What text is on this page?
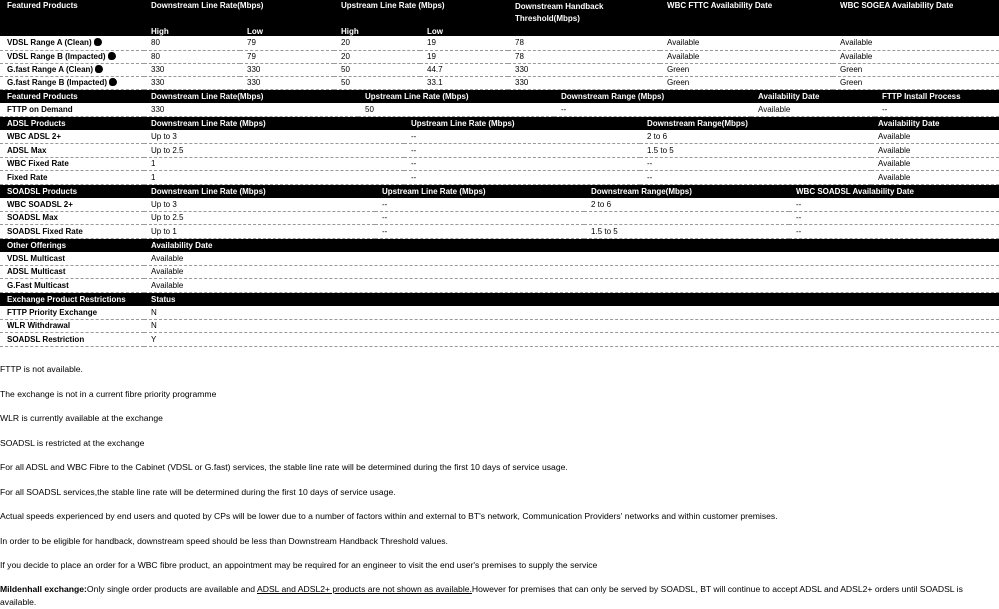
Featured Products	Downstream Line Rate(Mbps)		Upstream Line Rate (Mbps)		Downstream Handback
Threshold(Mbps)	WBC FTTC Availability Date	WBC SOGEA Availability Date
	High	Low	High	Low			
VDSL Range A (Clean)	80	79	20	19	78	Available	Available
VDSL Range B (Impacted)	80	79	20	19	78	Available	Available
G.fast Range A (Clean)	330	330	50	44.7	330	Green	Green
G.fast Range B (Impacted)	330	330	50	33.1	330	Green	Green
Featured Products	Downstream Line Rate(Mbps)	Upstream Line Rate (Mbps)	Downstream Range (Mbps)	Availability Date	FTTP Install Process
FTTP on Demand	330	50	--	Available	--
ADSL Products	Downstream Line Rate (Mbps)	Upstream Line Rate (Mbps)	Downstream Range(Mbps)	Availability Date
WBC ADSL 2+	Up to 3	--	2 to 6	Available
ADSL Max	Up to 2.5	--	1.5 to 5	Available
WBC Fixed Rate	1	--	--	Available
Fixed Rate	1	--	--	Available
SOADSL Products	Downstream Line Rate (Mbps)	Upstream Line Rate (Mbps)	Downstream Range(Mbps)	WBC SOADSL Availability Date
WBC SOADSL 2+	Up to 3	--	2 to 6	--
SOADSL Max	Up to 2.5	--		--
SOADSL Fixed Rate	Up to 1	--	1.5 to 5	--
Other Offerings	Availability Date
VDSL Multicast	Available
ADSL Multicast	Available
G.Fast Multicast	Available
Exchange Product Restrictions	Status
FTTP Priority Exchange	N
WLR Withdrawal	N
SOADSL Restriction	Y

FTTP is not available.

The exchange is not in a current fibre priority programme

WLR is currently available at the exchange

SOADSL is restricted at the exchange

For all ADSL and WBC Fibre to the Cabinet (VDSL or G.fast) services, the stable line rate will be determined during the first 10 days of service usage.

For all SOADSL services,the stable line rate will be determined during the first 10 days of service usage.

Actual speeds experienced by end users and quoted by CPs will be lower due to a number of factors within and external to BT's network, Communication Providers' networks and within customer premises.

In order to be eligible for handback, downstream speed should be less than Downstream Handback Threshold values.

If you decide to place an order for a WBC fibre product, an appointment may be required for an engineer to visit the end user's premises to supply the service

Mildenhall exchange:Only single order products are available and ADSL and ADSL2+ products are not shown as available.However for premises that can only be served by SOADSL, BT will continue to accept ADSL and ADSL2+ orders until SOADSL is available.
